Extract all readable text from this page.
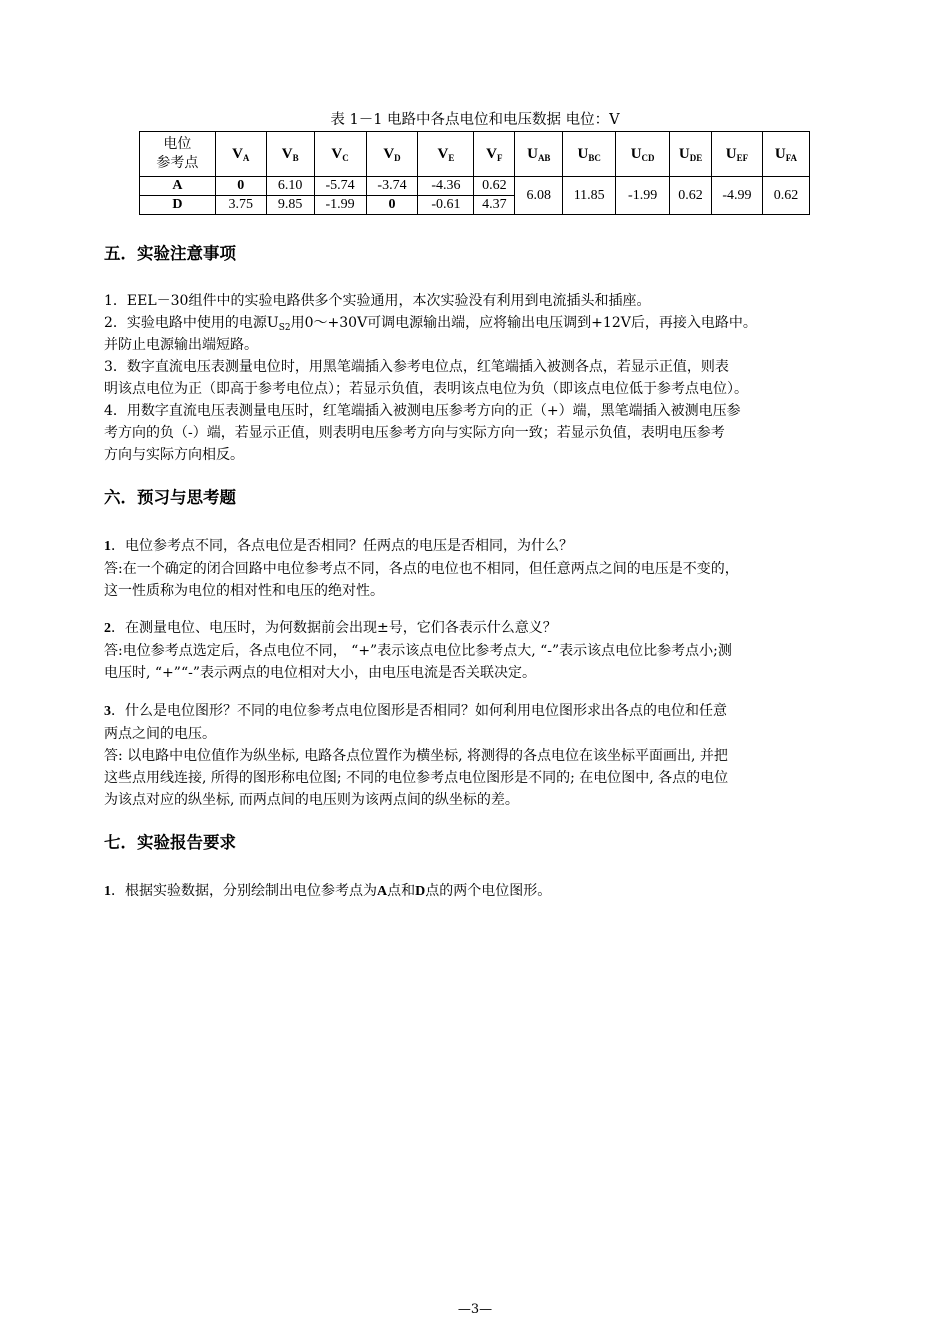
表 1－1 电路中各点电位和电压数据 电位：V
电位
参考点	$V_A$	$V_B$	$V_C$	$V_D$	$V_E$	$V_F$	$U_{AB}$	$U_{BC}$	$U_{CD}$	$U_{DE}$	$U_{EF}$	$U_{FA}$
A	0	6.10	-5.74	-3.74	-4.36	0.62	6.08	11.85	-1.99	0.62	-4.99	0.62
D	3.75	9.85	-1.99	0	-0.61	4.37						
五．实验注意事项
1．EEL－30组件中的实验电路供多个实验通用，本次实验没有利用到电流插头和插座。
2．实验电路中使用的电源$U_{S2}$用0～+30V可调电源输出端，应将输出电压调到+12V后，再接入电路中。
并防止电源输出端短路。
3．数字直流电压表测量电位时，用黑笔端插入参考电位点，红笔端插入被测各点，若显示正值，则表
明该点电位为正（即高于参考电位点）；若显示负值，表明该点电位为负（即该点电位低于参考点电位）。
4．用数字直流电压表测量电压时，红笔端插入被测电压参考方向的正（+）端，黑笔端插入被测电压参
考方向的负（-）端，若显示正值，则表明电压参考方向与实际方向一致；若显示负值，表明电压参考
方向与实际方向相反。
六．预习与思考题
1．电位参考点不同，各点电位是否相同？任两点的电压是否相同，为什么？
答:在一个确定的闭合回路中电位参考点不同，各点的电位也不相同，但任意两点之间的电压是不变的，
这一性质称为电位的相对性和电压的绝对性。
2．在测量电位、电压时，为何数据前会出现±号，它们各表示什么意义？
答:电位参考点选定后，各点电位不同， “+”表示该点电位比参考点大, “-”表示该点电位比参考点小;测
电压时, “+”“-”表示两点的电位相对大小，由电压电流是否关联决定。
3．什么是电位图形？不同的电位参考点电位图形是否相同？如何利用电位图形求出各点的电位和任意
两点之间的电压。
答: 以电路中电位值作为纵坐标, 电路各点位置作为横坐标, 将测得的各点电位在该坐标平面画出, 并把
这些点用线连接, 所得的图形称电位图; 不同的电位参考点电位图形是不同的; 在电位图中, 各点的电位
为该点对应的纵坐标, 而两点间的电压则为该两点间的纵坐标的差。
七．实验报告要求
1．根据实验数据，分别绘制出电位参考点为A点和D点的两个电位图形。
—3—
